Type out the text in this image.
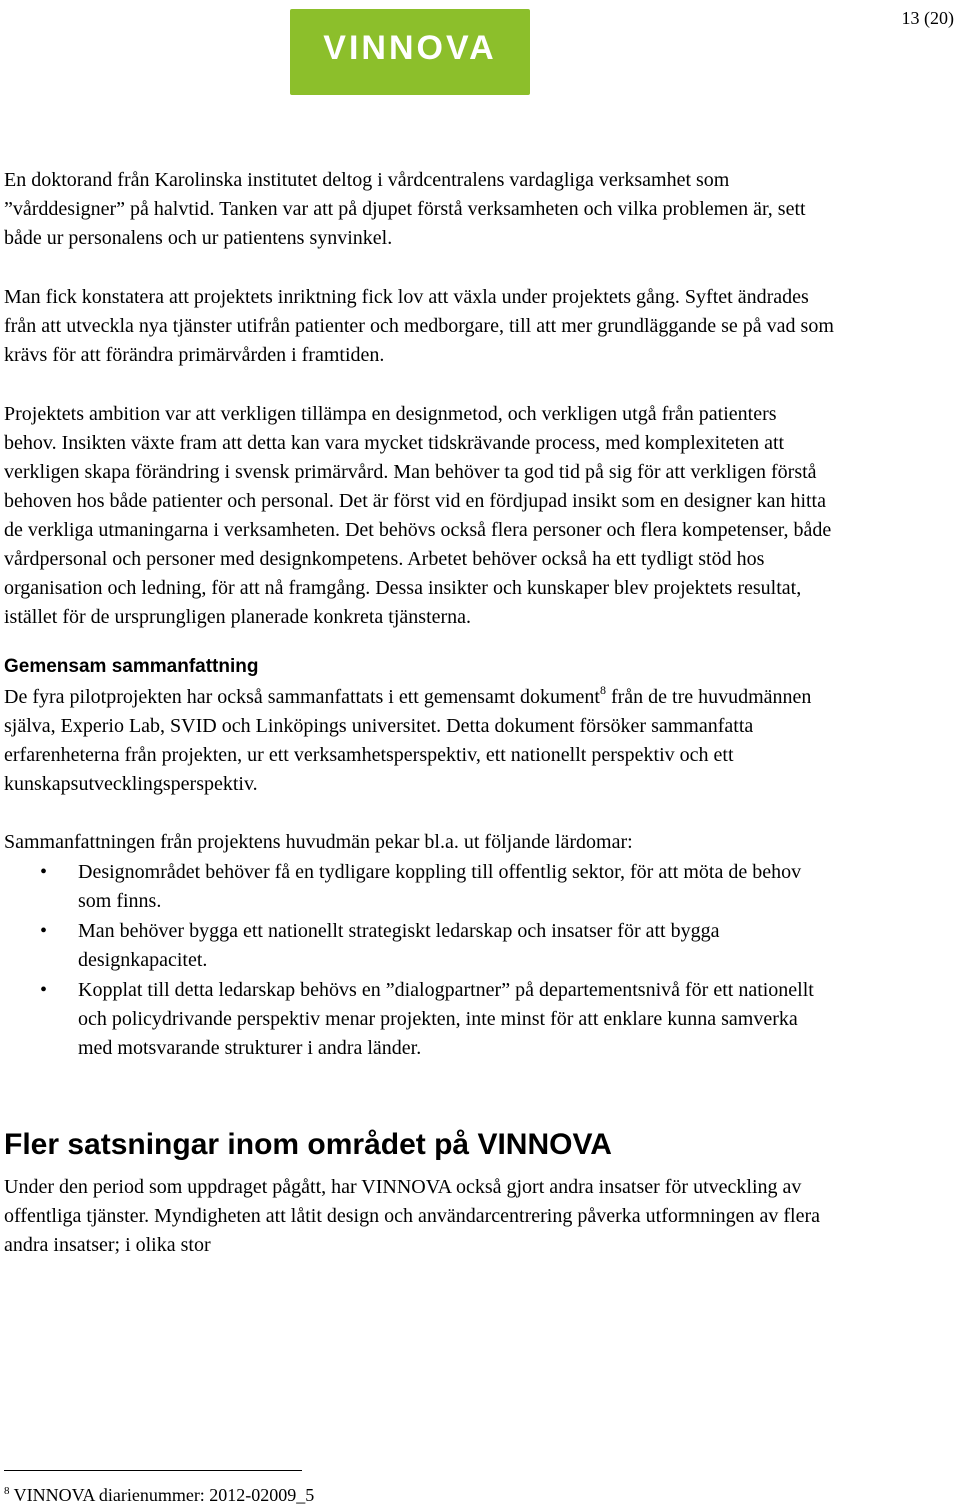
13 (20)
VINNOVA

En doktorand från Karolinska institutet deltog i vårdcentralens vardagliga verksamhet som ”vårddesigner” på halvtid. Tanken var att på djupet förstå verksamheten och vilka problemen är, sett både ur personalens och ur patientens synvinkel.

Man fick konstatera att projektets inriktning fick lov att växla under projektets gång. Syftet ändrades från att utveckla nya tjänster utifrån patienter och medborgare, till att mer grundläggande se på vad som krävs för att förändra primärvården i framtiden.

Projektets ambition var att verkligen tillämpa en designmetod, och verkligen utgå från patienters behov. Insikten växte fram att detta kan vara mycket tidskrävande process, med komplexiteten att verkligen skapa förändring i svensk primärvård. Man behöver ta god tid på sig för att verkligen förstå behoven hos både patienter och personal. Det är först vid en fördjupad insikt som en designer kan hitta de verkliga utmaningarna i verksamheten. Det behövs också flera personer och flera kompetenser, både vårdpersonal och personer med designkompetens. Arbetet behöver också ha ett tydligt stöd hos organisation och ledning, för att nå framgång. Dessa insikter och kunskaper blev projektets resultat, istället för de ursprungligen planerade konkreta tjänsterna.

Gemensam sammanfattning

De fyra pilotprojekten har också sammanfattats i ett gemensamt dokument$^8$ från de tre huvudmännen själva, Experio Lab, SVID och Linköpings universitet. Detta dokument försöker sammanfatta erfarenheterna från projekten, ur ett verksamhetsperspektiv, ett nationellt perspektiv och ett kunskapsutvecklingsperspektiv.

Sammanfattningen från projektens huvudmän pekar bl.a. ut följande lärdomar:

• Designområdet behöver få en tydligare koppling till offentlig sektor, för att möta de behov som finns.
• Man behöver bygga ett nationellt strategiskt ledarskap och insatser för att bygga designkapacitet.
• Kopplat till detta ledarskap behövs en ”dialogpartner” på departementsnivå för ett nationellt och policydrivande perspektiv menar projekten, inte minst för att enklare kunna samverka med motsvarande strukturer i andra länder.
Fler satsningar inom området på VINNOVA

Under den period som uppdraget pågått, har VINNOVA också gjort andra insatser för utveckling av offentliga tjänster. Myndigheten att låtit design och användarcentrering påverka utformningen av flera andra insatser; i olika stor

$^8$ VINNOVA diarienummer: 2012-02009_5
